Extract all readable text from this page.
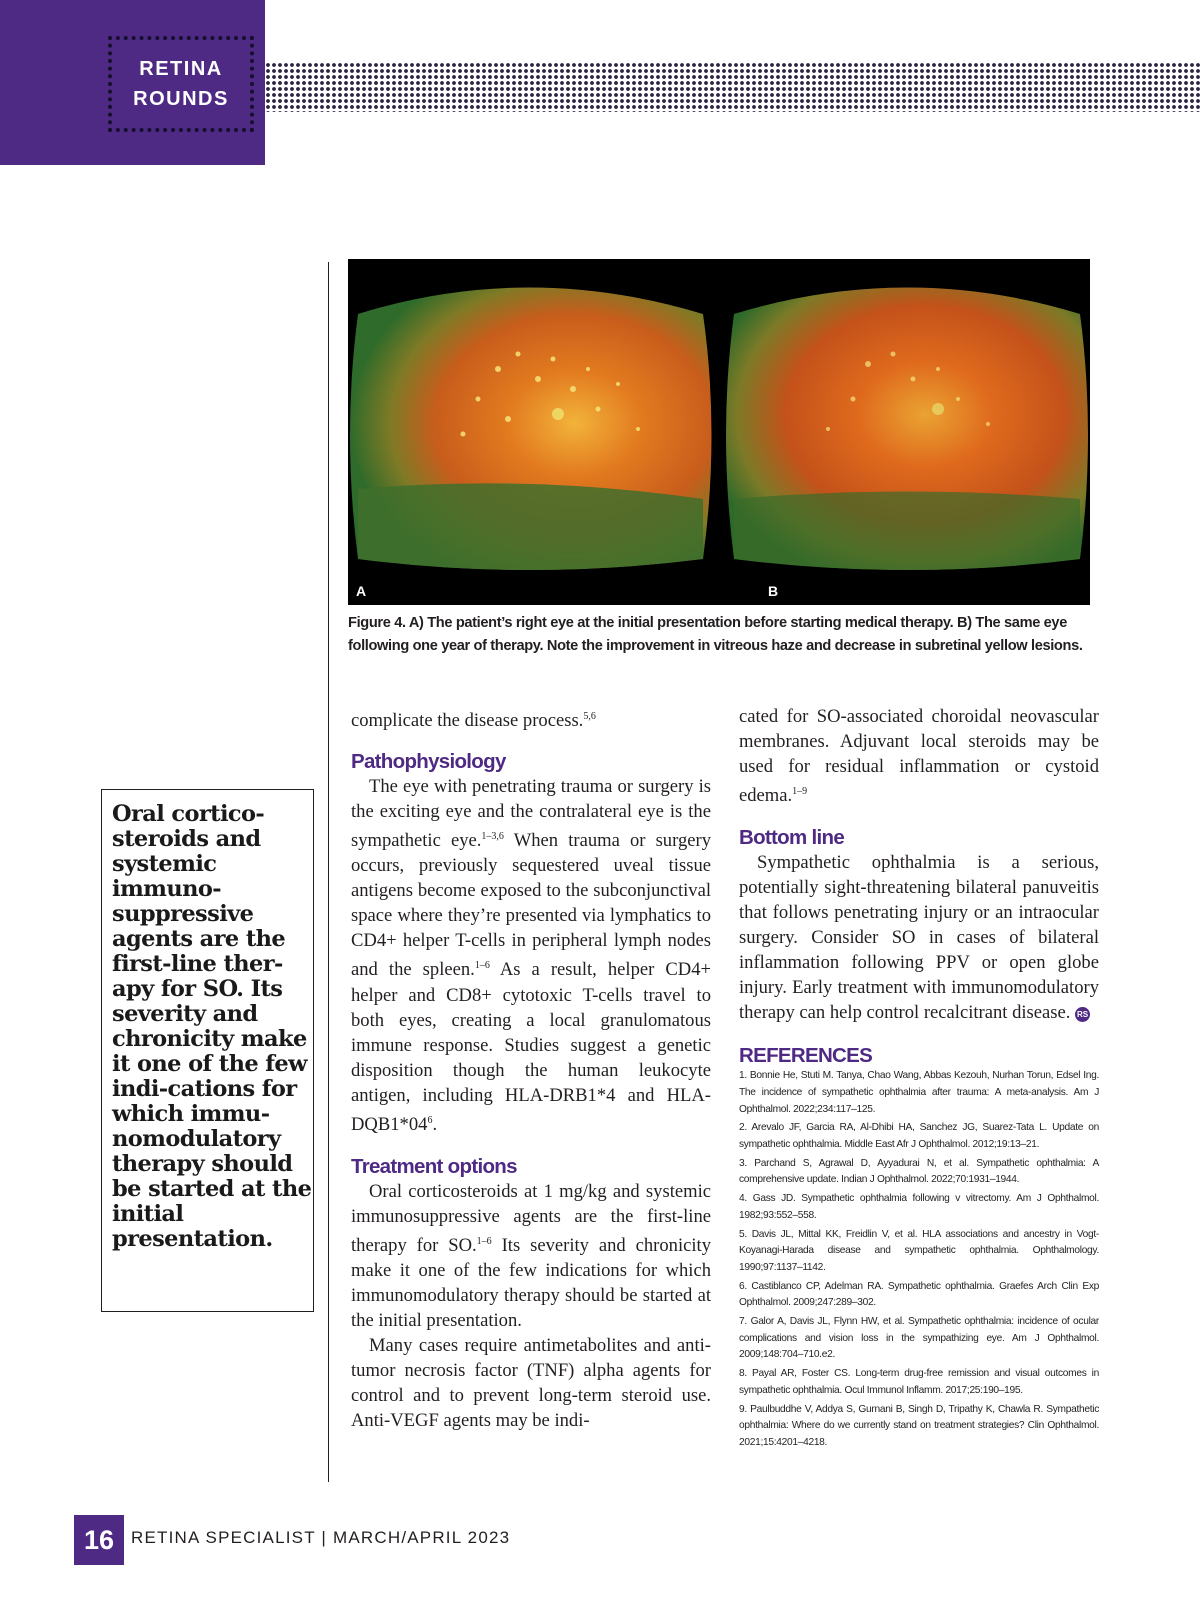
RETINA
ROUNDS
A	B
Figure 4. A) The patient’s right eye at the initial presentation before starting medical therapy. B) The same eye following one year of therapy. Note the improvement in vitreous haze and decrease in subretinal yellow lesions.

Oral cortico-steroids and systemic immuno-suppressive agents are the first-line ther-apy for SO. Its severity and chronicity make it one of the few indi-cations for which immu-nomodulatory therapy should be started at the initial presentation.

complicate the disease process.$^{5,6}$

Pathophysiology

The eye with penetrating trauma or surgery is the exciting eye and the contralateral eye is the sympathetic eye.$^{1-3,6}$ When trauma or surgery occurs, previously sequestered uveal tissue antigens become exposed to the subconjunctival space where they’re presented via lymphatics to CD4+ helper T-cells in peripheral lymph nodes and the spleen.$^{1-6}$ As a result, helper CD4+ helper and CD8+ cytotoxic T-cells travel to both eyes, creating a local granulomatous immune response. Studies suggest a genetic disposition though the human leukocyte antigen, including HLA-DRB1*4 and HLA-$DQB1*04^6$.

Treatment options

Oral corticosteroids at 1 mg/kg and systemic immunosuppressive agents are the first-line therapy for SO.$^{1-6}$ Its severity and chronicity make it one of the few indications for which immunomodulatory therapy should be started at the initial presentation.

Many cases require antimetabolites and anti-tumor necrosis factor (TNF) alpha agents for control and to prevent long-term steroid use. Anti-VEGF agents may be indi-

cated for SO-associated choroidal neovascular membranes. Adjuvant local steroids may be used for residual inflammation or cystoid edema.$^{1-9}$

Bottom line

Sympathetic ophthalmia is a serious, potentially sight-threatening bilateral panuveitis that follows penetrating injury or an intraocular surgery. Consider SO in cases of bilateral inflammation following PPV or open globe injury. Early treatment with immunomodulatory therapy can help control recalcitrant disease. RS

REFERENCES

1. Bonnie He, Stuti M. Tanya, Chao Wang, Abbas Kezouh, Nurhan Torun, Edsel Ing. The incidence of sympathetic ophthalmia after trauma: A meta-analysis. Am J Ophthalmol. 2022;234:117–125.

2. Arevalo JF, Garcia RA, Al-Dhibi HA, Sanchez JG, Suarez-Tata L. Update on sympathetic ophthalmia. Middle East Afr J Ophthalmol. 2012;19:13–21.

3. Parchand S, Agrawal D, Ayyadurai N, et al. Sympathetic ophthalmia: A comprehensive update. Indian J Ophthalmol. 2022;70:1931–1944.

4. Gass JD. Sympathetic ophthalmia following v vitrectomy. Am J Ophthalmol. 1982;93:552–558.

5. Davis JL, Mittal KK, Freidlin V, et al. HLA associations and ancestry in Vogt-Koyanagi-Harada disease and sympathetic ophthalmia. Ophthalmology. 1990;97:1137–1142.

6. Castiblanco CP, Adelman RA. Sympathetic ophthalmia. Graefes Arch Clin Exp Ophthalmol. 2009;247:289–302.

7. Galor A, Davis JL, Flynn HW, et al. Sympathetic ophthalmia: incidence of ocular complications and vision loss in the sympathizing eye. Am J Ophthalmol. 2009;148:704–710.e2.

8. Payal AR, Foster CS. Long-term drug-free remission and visual outcomes in sympathetic ophthalmia. Ocul Immunol Inflamm. 2017;25:190–195.

9. Paulbuddhe V, Addya S, Gurnani B, Singh D, Tripathy K, Chawla R. Sympathetic ophthalmia: Where do we currently stand on treatment strategies? Clin Ophthalmol. 2021;15:4201–4218.

16 RETINA SPECIALIST | MARCH/APRIL 2023
